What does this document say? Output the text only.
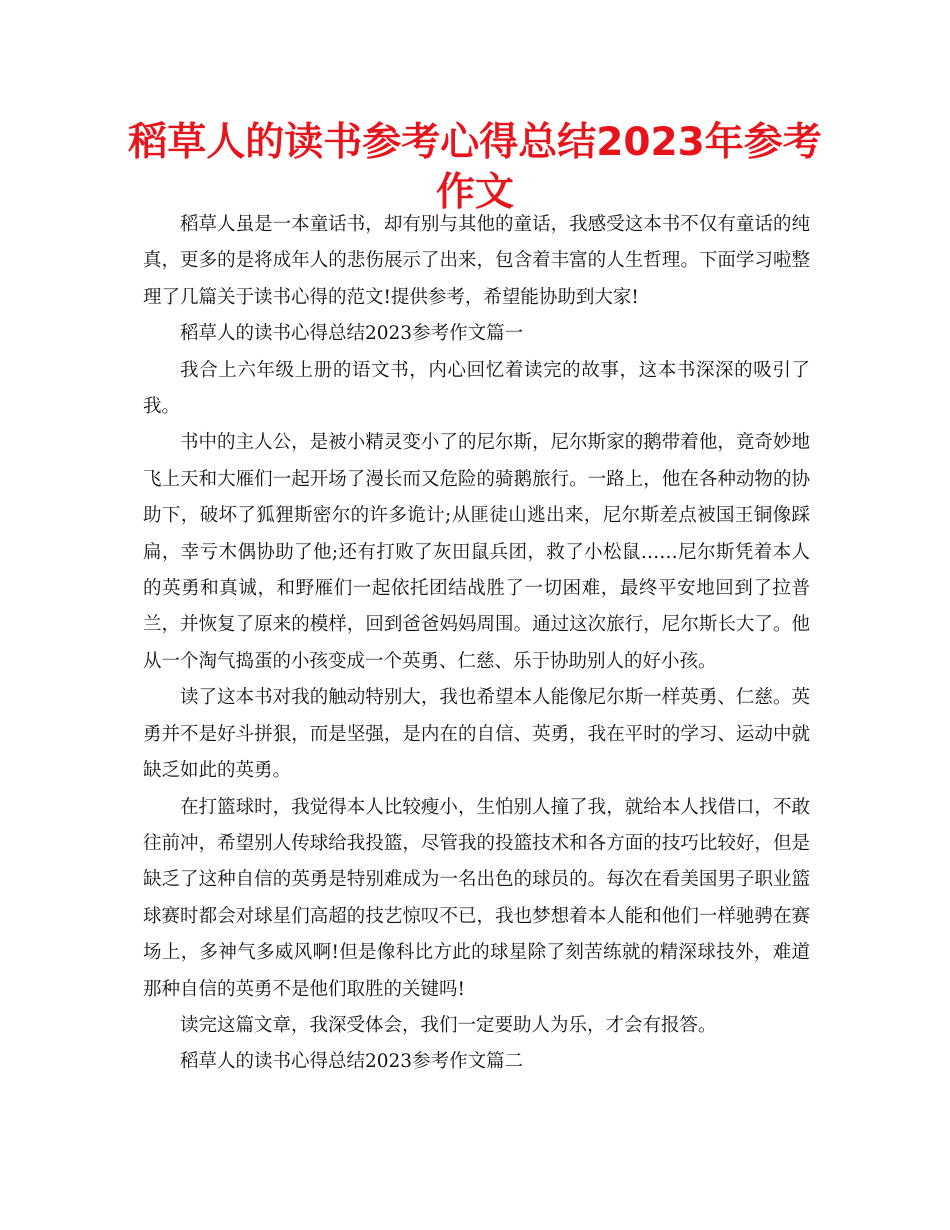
稻草人的读书参考心得总结2023年参考作文

稻草人虽是一本童话书，却有别与其他的童话，我感受这本书不仅有童话的纯真，更多的是将成年人的悲伤展示了出来，包含着丰富的人生哲理。下面学习啦整理了几篇关于读书心得的范文!提供参考，希望能协助到大家!

稻草人的读书心得总结2023参考作文篇一

我合上六年级上册的语文书，内心回忆着读完的故事，这本书深深的吸引了我。

书中的主人公，是被小精灵变小了的尼尔斯，尼尔斯家的鹅带着他，竟奇妙地飞上天和大雁们一起开场了漫长而又危险的骑鹅旅行。一路上，他在各种动物的协助下，破坏了狐狸斯密尔的许多诡计;从匪徒山逃出来，尼尔斯差点被国王铜像踩扁，幸亏木偶协助了他;还有打败了灰田鼠兵团，救了小松鼠……尼尔斯凭着本人的英勇和真诚，和野雁们一起依托团结战胜了一切困难，最终平安地回到了拉普兰，并恢复了原来的模样，回到爸爸妈妈周围。通过这次旅行，尼尔斯长大了。他从一个淘气捣蛋的小孩变成一个英勇、仁慈、乐于协助别人的好小孩。

读了这本书对我的触动特别大，我也希望本人能像尼尔斯一样英勇、仁慈。英勇并不是好斗拼狠，而是坚强，是内在的自信、英勇，我在平时的学习、运动中就缺乏如此的英勇。

在打篮球时，我觉得本人比较瘦小，生怕别人撞了我，就给本人找借口，不敢往前冲，希望别人传球给我投篮，尽管我的投篮技术和各方面的技巧比较好，但是缺乏了这种自信的英勇是特别难成为一名出色的球员的。每次在看美国男子职业篮球赛时都会对球星们高超的技艺惊叹不已，我也梦想着本人能和他们一样驰骋在赛场上，多神气多威风啊!但是像科比方此的球星除了刻苦练就的精深球技外，难道那种自信的英勇不是他们取胜的关键吗!

读完这篇文章，我深受体会，我们一定要助人为乐，才会有报答。

稻草人的读书心得总结2023参考作文篇二
